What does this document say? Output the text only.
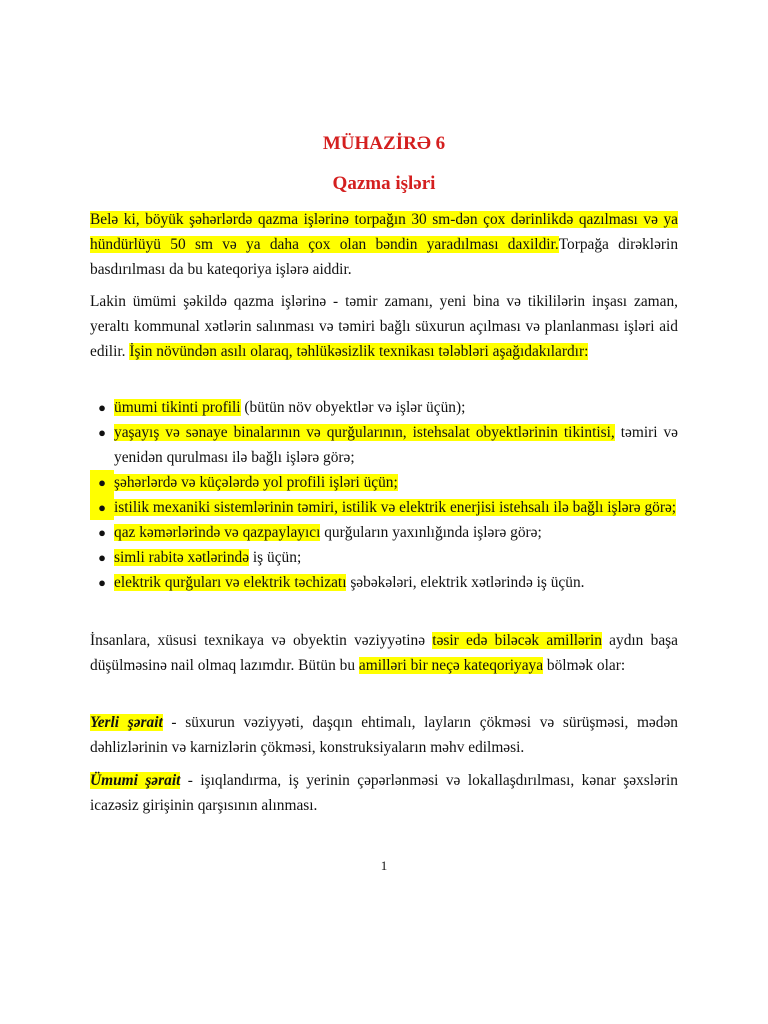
MÜHAZİRƏ 6
Qazma işləri

Belə ki, böyük şəhərlərdə qazma işlərinə torpağın 30 sm-dən çox dərinlikdə qazılması və ya hündürlüyü 50 sm və ya daha çox olan bəndin yaradılması daxildir.Torpağa dirəklərin basdırılması da bu kateqoriya işlərə aiddir.

Lakin ümümi şəkildə qazma işlərinə - təmir zamanı, yeni bina və tikililərin inşası zaman, yeraltı kommunal xətlərin salınması və təmiri bağlı süxurun açılması və planlanması işləri aid edilir. İşin növündən asılı olaraq, təhlükəsizlik texnikası tələbləri aşağıdakılardır:

● ümumi tikinti profili (bütün növ obyektlər və işlər üçün);

● yaşayış və sənaye binalarının və qurğularının, istehsalat obyektlərinin tikintisi, təmiri və yenidən qurulması ilə bağlı işlərə görə;

● şəhərlərdə və küçələrdə yol profili işləri üçün;

● istilik mexaniki sistemlərinin təmiri, istilik və elektrik enerjisi istehsalı ilə bağlı işlərə görə;

● qaz kəmərlərində və qazpaylayıcı qurğuların yaxınlığında işlərə görə;

● simli rabitə xətlərində iş üçün;

● elektrik qurğuları və elektrik təchizatı şəbəkələri, elektrik xətlərində iş üçün.

İnsanlara, xüsusi texnikaya və obyektin vəziyyətinə təsir edə biləcək amillərin aydın başa düşülməsinə nail olmaq lazımdır. Bütün bu amilləri bir neçə kateqoriyaya bölmək olar:

Yerli şərait - süxurun vəziyyəti, daşqın ehtimalı, layların çökməsi və sürüşməsi, mədən dəhlizlərinin və karnizlərin çökməsi, konstruksiyaların məhv edilməsi.

Ümumi şərait - işıqlandırma, iş yerinin çəpərlənməsi və lokallaşdırılması, kənar şəxslərin icazəsiz girişinin qarşısının alınması.

1
